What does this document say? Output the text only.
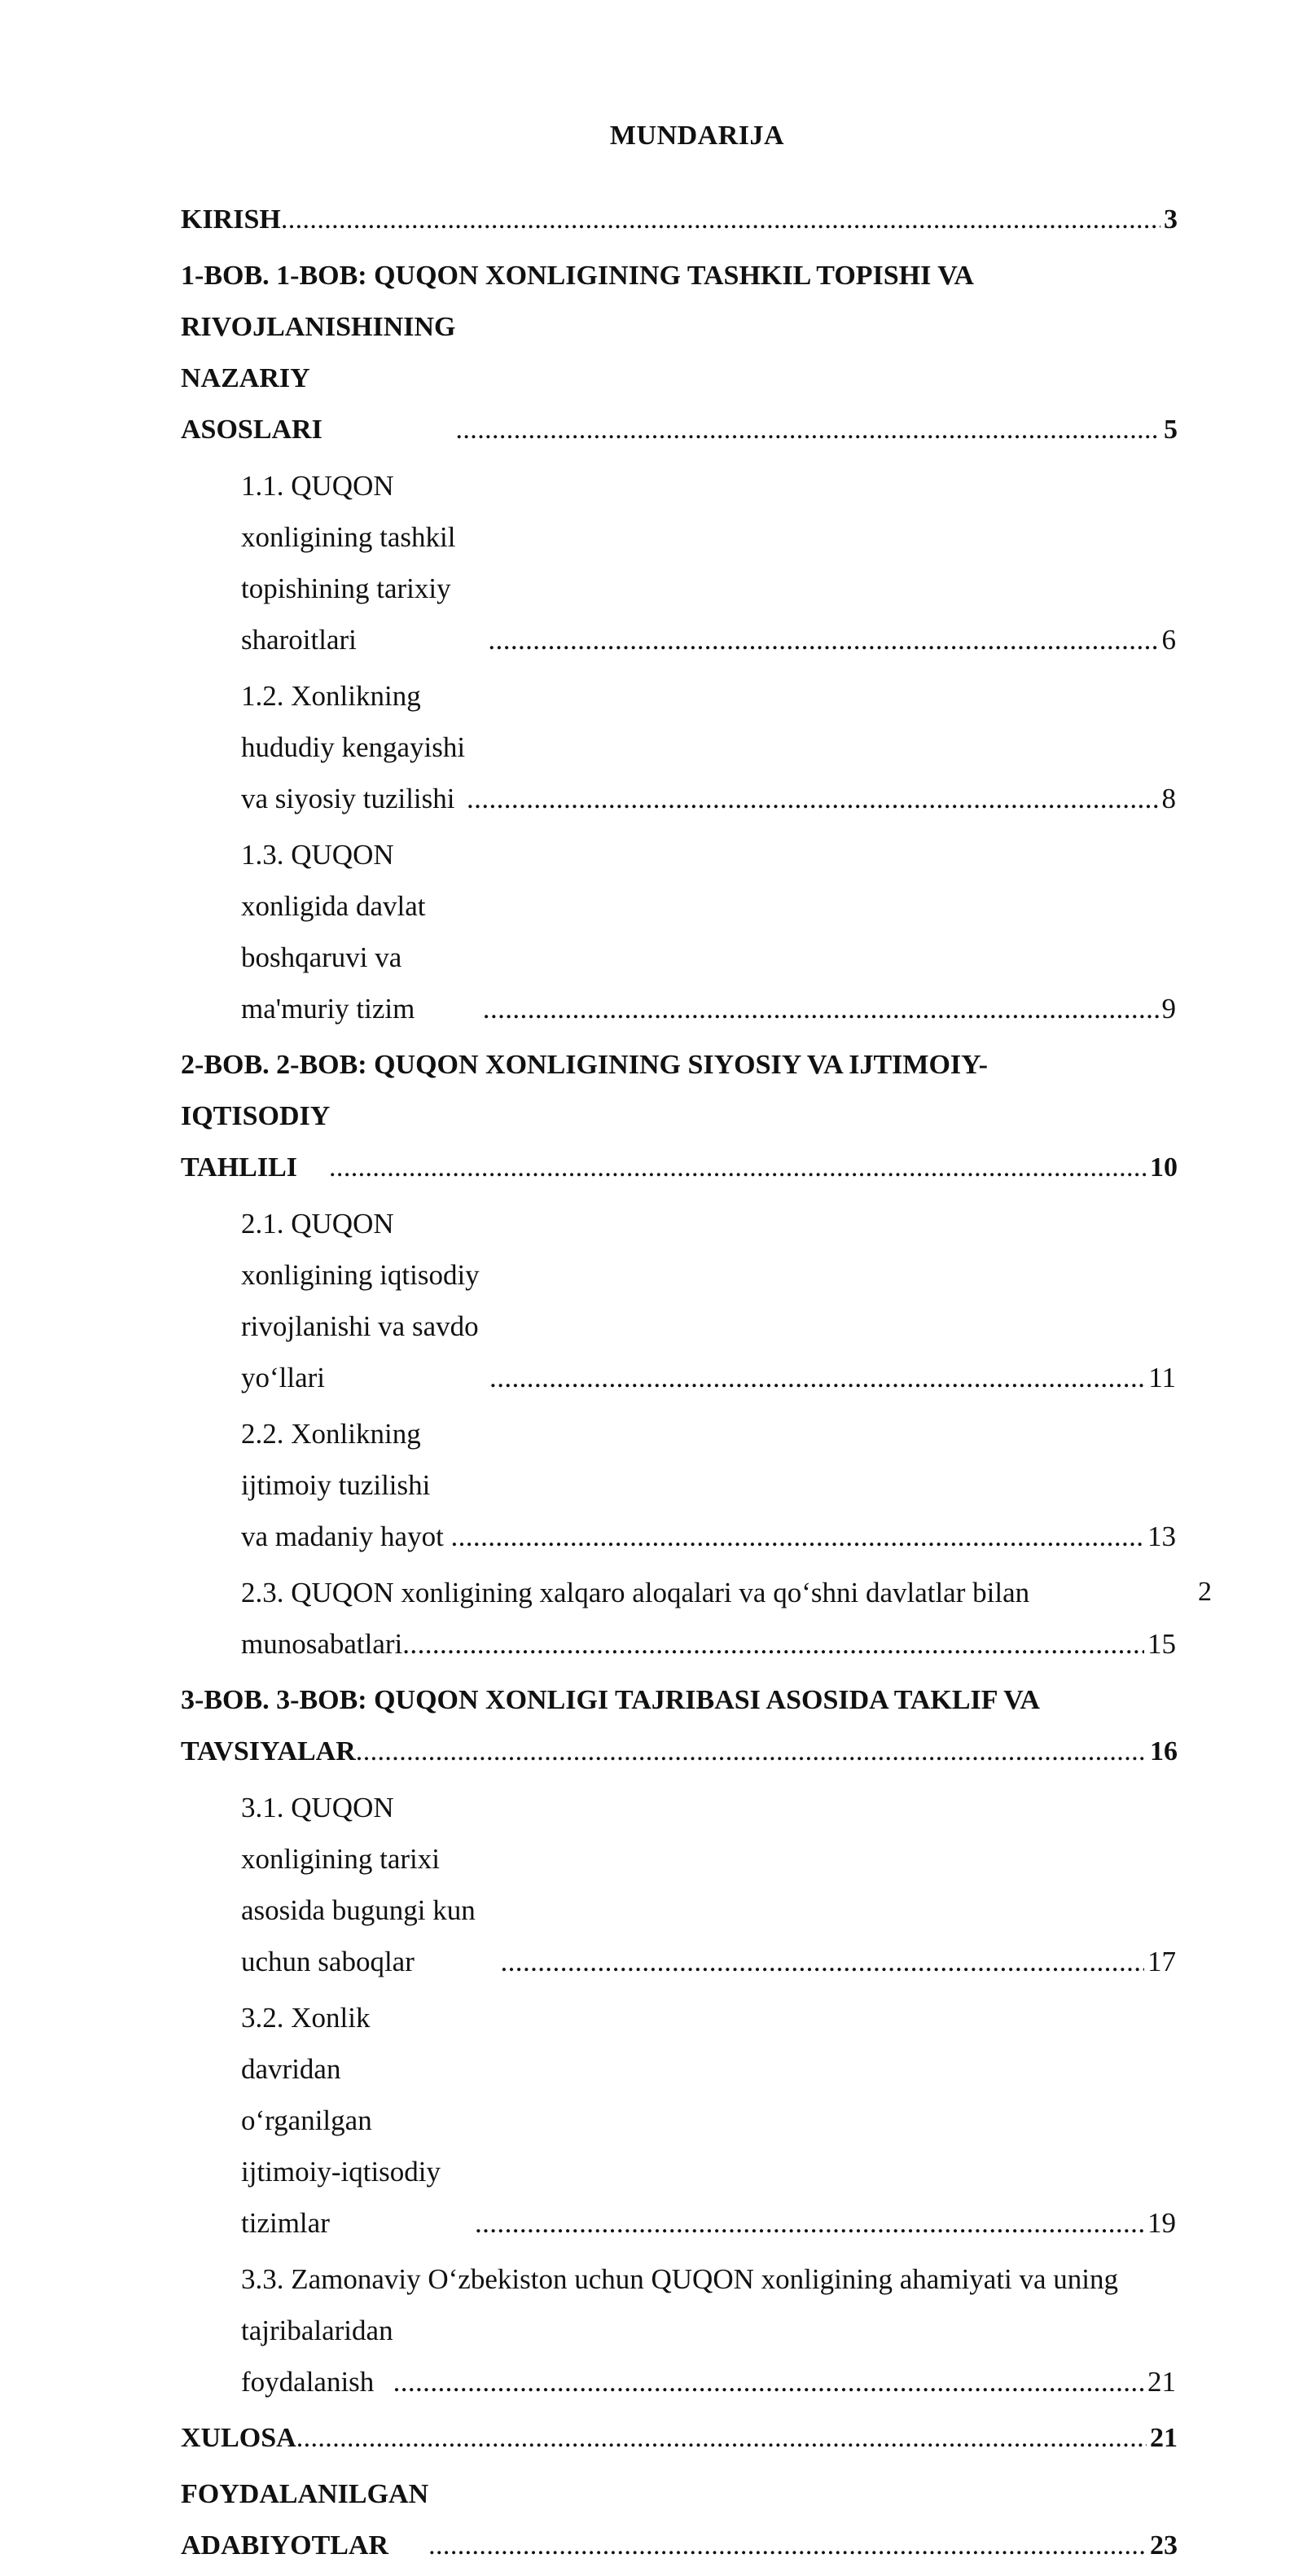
MUNDARIJA
KIRISH .....	3
1-BOB. 1-BOB: QUQON XONLIGINING TASHKIL TOPISHI VA
RIVOJLANISHINING NAZARIY ASOSLARI .....	5
1.1. QUQON xonligining tashkil topishining tarixiy sharoitlari .....	6
1.2. Xonlikning hududiy kengayishi va siyosiy tuzilishi .....	8
1.3. QUQON xonligida davlat boshqaruvi va ma'muriy tizim .....	9
2-BOB. 2-BOB: QUQON XONLIGINING SIYOSIY VA IJTIMOIY-
IQTISODIY TAHLILI .....	10
2.1. QUQON xonligining iqtisodiy rivojlanishi va savdo yo‘llari .....	11
2.2. Xonlikning ijtimoiy tuzilishi va madaniy hayot .....	13
2.3. QUQON xonligining xalqaro aloqalari va qo‘shni davlatlar bilan
munosabatlari .....	15
3-BOB. 3-BOB: QUQON XONLIGI TAJRIBASI ASOSIDA TAKLIF VA
TAVSIYALAR .....	16
3.1. QUQON xonligining tarixi asosida bugungi kun uchun saboqlar .....	17
3.2. Xonlik davridan o‘rganilgan ijtimoiy-iqtisodiy tizimlar .....	19
3.3. Zamonaviy O‘zbekiston uchun QUQON xonligining ahamiyati va uning
tajribalaridan foydalanish .....	21
XULOSA .....	21
FOYDALANILGAN ADABIYOTLAR .....	23
2
